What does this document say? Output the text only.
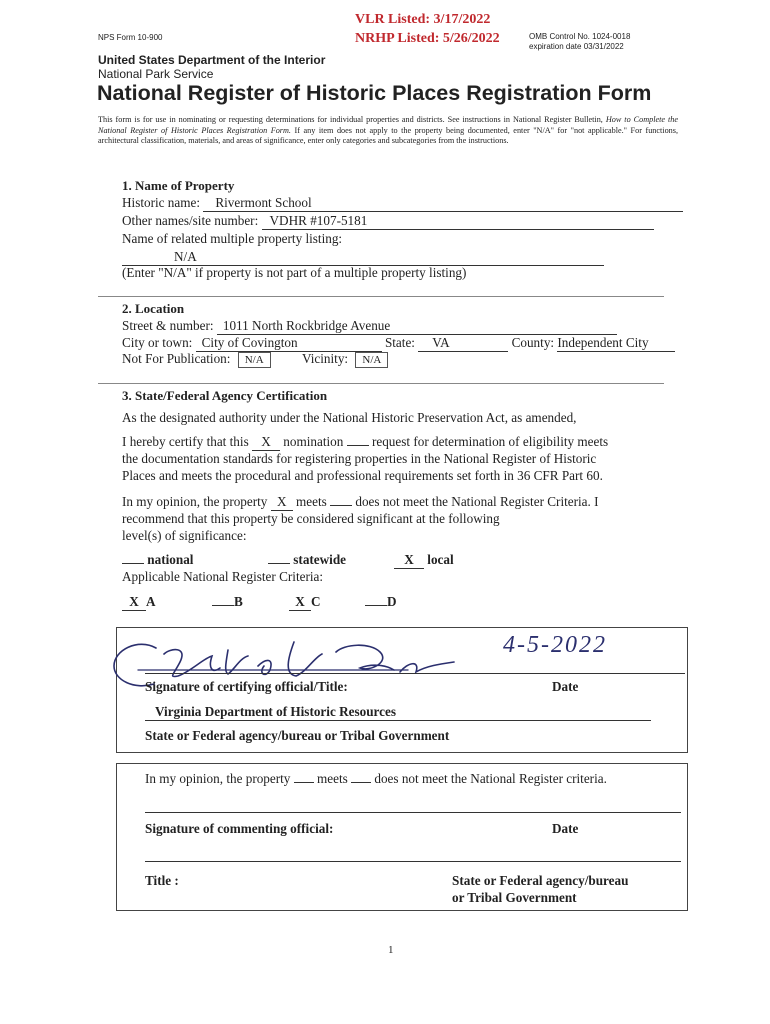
NPS Form 10-900
VLR Listed: 3/17/2022
NRHP Listed: 5/26/2022	OMB Control No. 1024-0018
expiration date 03/31/2022
United States Department of the Interior
National Park Service
National Register of Historic Places Registration Form
This form is for use in nominating or requesting determinations for individual properties and districts. See instructions in National Register Bulletin, How to Complete the National Register of Historic Places Registration Form. If any item does not apply to the property being documented, enter "N/A" for "not applicable." For functions, architectural classification, materials, and areas of significance, enter only categories and subcategories from the instructions.
1. Name of Property
Historic name: Rivermont School
Other names/site number: VDHR #107-5181
Name of related multiple property listing:
N/A
(Enter "N/A" if property is not part of a multiple property listing)
2. Location
Street & number: 1011 North Rockbridge Avenue
City or town: City of Covington	State: VA	County: Independent City
Not For Publication: N/A	Vicinity: N/A
3. State/Federal Agency Certification
As the designated authority under the National Historic Preservation Act, as amended,
I hereby certify that this X nomination request for determination of eligibility meets
the documentation standards for registering properties in the National Register of Historic
Places and meets the procedural and professional requirements set forth in 36 CFR Part 60.
In my opinion, the property X meets does not meet the National Register Criteria. I
recommend that this property be considered significant at the following
level(s) of significance:
national	statewide	X local
Applicable National Register Criteria:
X A	B	X C	D
4-5-2022
Signature of certifying official/Title:	Date
Virginia Department of Historic Resources
State or Federal agency/bureau or Tribal Government
In my opinion, the property meets does not meet the National Register criteria.
Signature of commenting official:	Date
Title :	State or Federal agency/bureau
or Tribal Government
1
